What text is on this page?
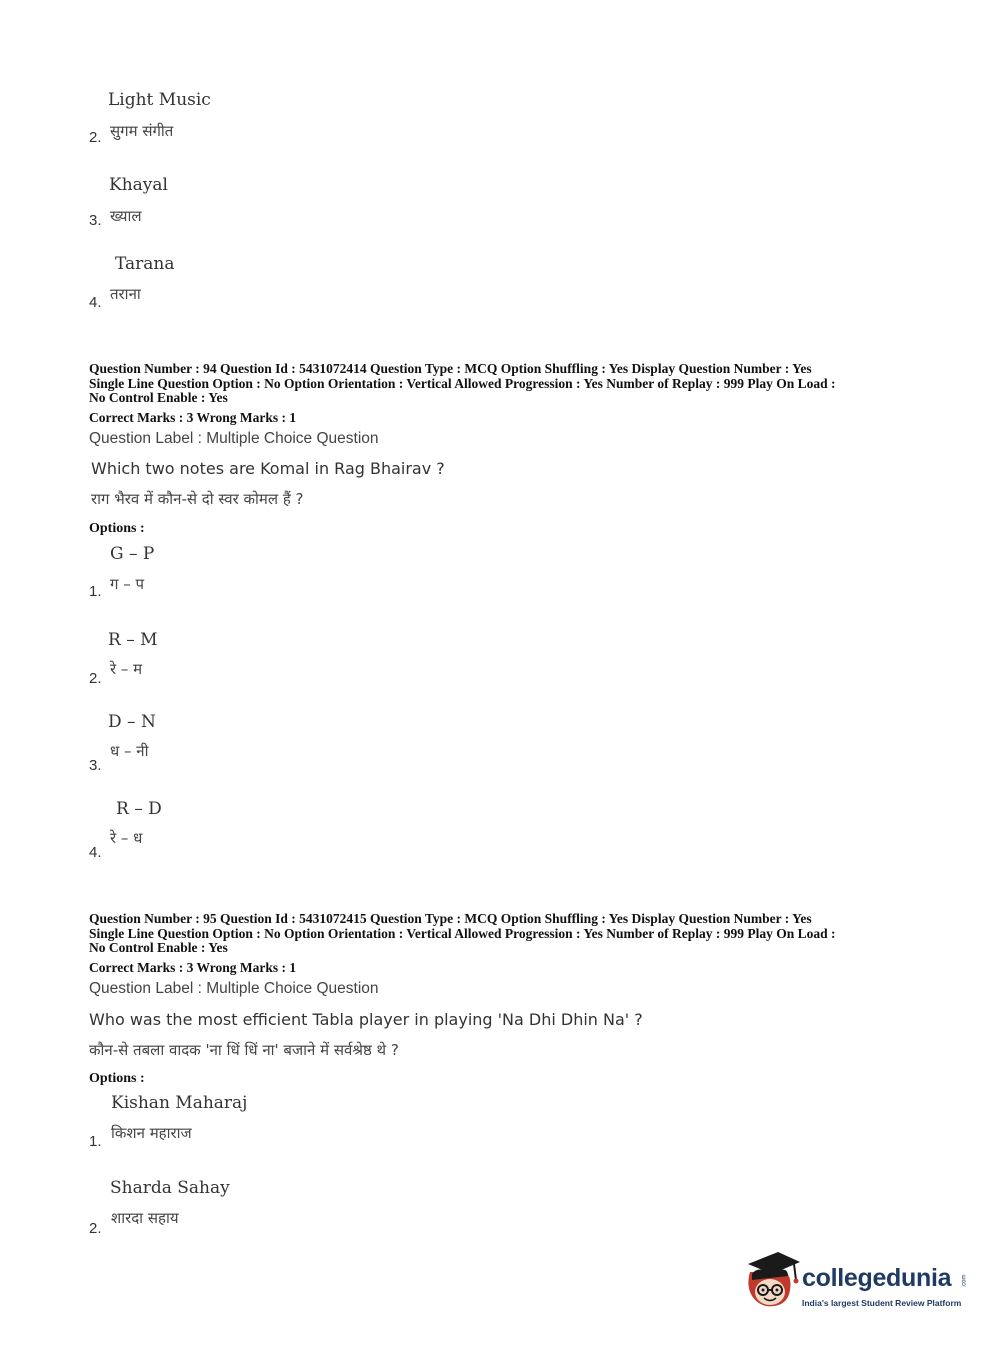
Light Music
2. सुगम संगीत
Khayal
3. ख्याल
Tarana
4. तराना
Question Number : 94 Question Id : 5431072414 Question Type : MCQ Option Shuffling : Yes Display Question Number : Yes
Single Line Question Option : No Option Orientation : Vertical Allowed Progression : Yes Number of Replay : 999 Play On Load :
No Control Enable : Yes
Correct Marks : 3 Wrong Marks : 1
Question Label : Multiple Choice Question
Which two notes are Komal in Rag Bhairav ?
राग भैरव में कौन-से दो स्वर कोमल हैं ?
Options :
G – P
1. ग – प
R – M
2.
रे – म
D – N
3.
ध – नी
R – D
4.
रे – ध
Question Number : 95 Question Id : 5431072415 Question Type : MCQ Option Shuffling : Yes Display Question Number : Yes
Single Line Question Option : No Option Orientation : Vertical Allowed Progression : Yes Number of Replay : 999 Play On Load :
No Control Enable : Yes
Correct Marks : 3 Wrong Marks : 1
Question Label : Multiple Choice Question
Who was the most efficient Tabla player in playing 'Na Dhi Dhin Na' ?
कौन-से तबला वादक 'ना धिं धिं ना' बजाने में सर्वश्रेष्ठ थे ?
Options :
Kishan Maharaj
1. किशन महाराज
Sharda Sahay
2.
शारदा सहाय
collegedunia .com
India's largest Student Review Platform
